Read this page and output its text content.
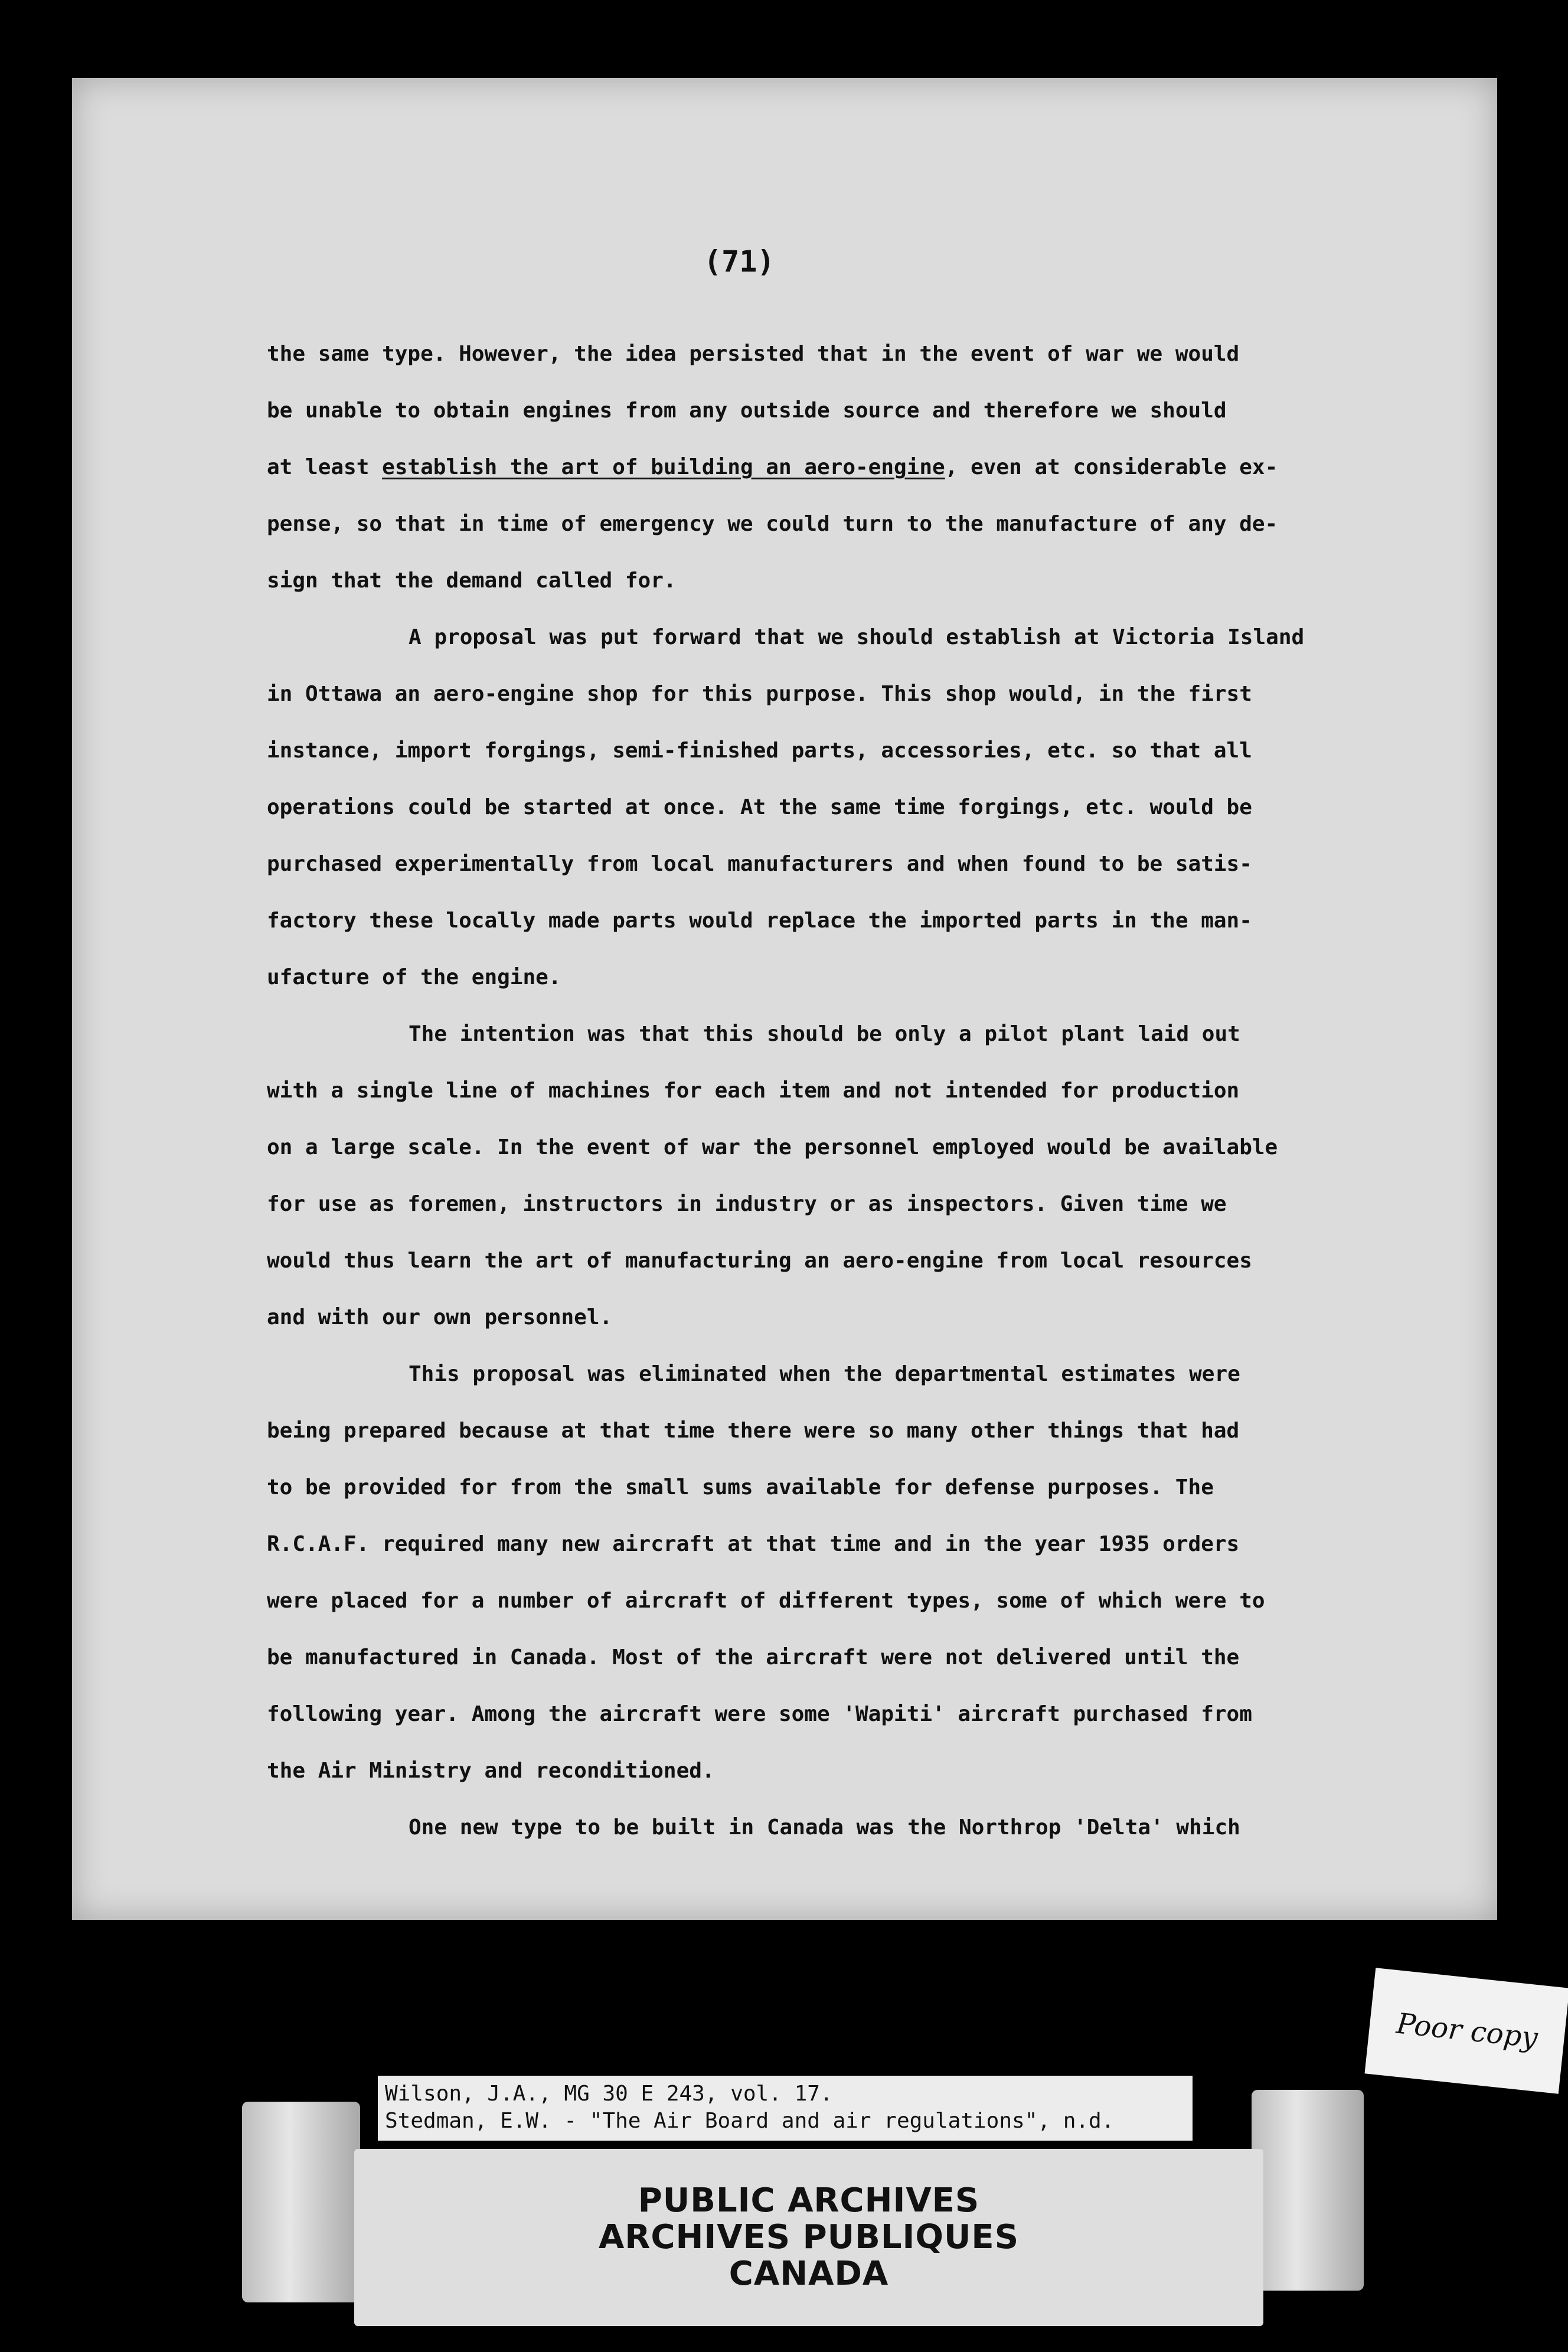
(71)

the same type. However, the idea persisted that in the event of war we would
be unable to obtain engines from any outside source and therefore we should
at least establish the art of building an aero-engine, even at considerable ex-
pense, so that in time of emergency we could turn to the manufacture of any de-
sign that the demand called for.

A proposal was put forward that we should establish at Victoria Island
in Ottawa an aero-engine shop for this purpose. This shop would, in the first
instance, import forgings, semi-finished parts, accessories, etc. so that all
operations could be started at once. At the same time forgings, etc. would be
purchased experimentally from local manufacturers and when found to be satis-
factory these locally made parts would replace the imported parts in the man-
ufacture of the engine.

The intention was that this should be only a pilot plant laid out
with a single line of machines for each item and not intended for production
on a large scale. In the event of war the personnel employed would be available
for use as foremen, instructors in industry or as inspectors. Given time we
would thus learn the art of manufacturing an aero-engine from local resources
and with our own personnel.

This proposal was eliminated when the departmental estimates were
being prepared because at that time there were so many other things that had
to be provided for from the small sums available for defense purposes. The
R.C.A.F. required many new aircraft at that time and in the year 1935 orders
were placed for a number of aircraft of different types, some of which were to
be manufactured in Canada. Most of the aircraft were not delivered until the
following year. Among the aircraft were some 'Wapiti' aircraft purchased from
the Air Ministry and reconditioned.

One new type to be built in Canada was the Northrop 'Delta' which

Wilson, J.A., MG 30 E 243, vol. 17.
Stedman, E.W. - "The Air Board and air regulations", n.d.
PUBLIC ARCHIVES
ARCHIVES PUBLIQUES
CANADA
Poor copy
